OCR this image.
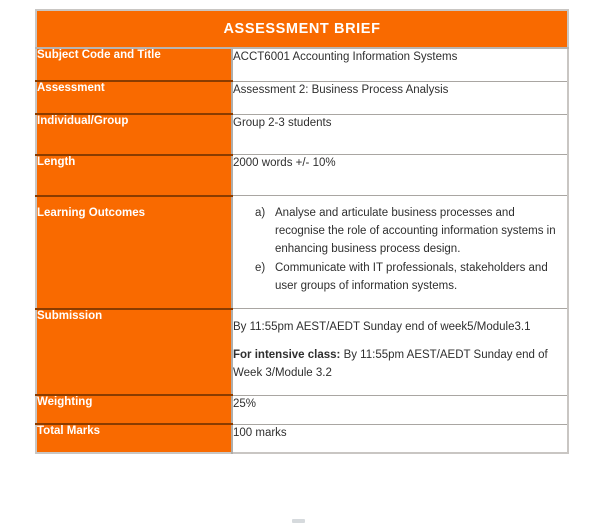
ASSESSMENT BRIEF	
Subject Code and Title	ACCT6001 Accounting Information Systems
Assessment	Assessment 2: Business Process Analysis
Individual/Group	Group 2-3 students
Length	2000 words +/- 10%
Learning Outcomes	a) Analyse and articulate business processes and recognise the role of accounting information systems in enhancing business process design.
e) Communicate with IT professionals, stakeholders and user groups of information systems.

Submission	By 11:55pm AEST/AEDT Sunday end of week5/Module3.1

For intensive class: By 11:55pm AEST/AEDT Sunday end of Week 3/Module 3.2

Weighting	25%
Total Marks	100 marks
